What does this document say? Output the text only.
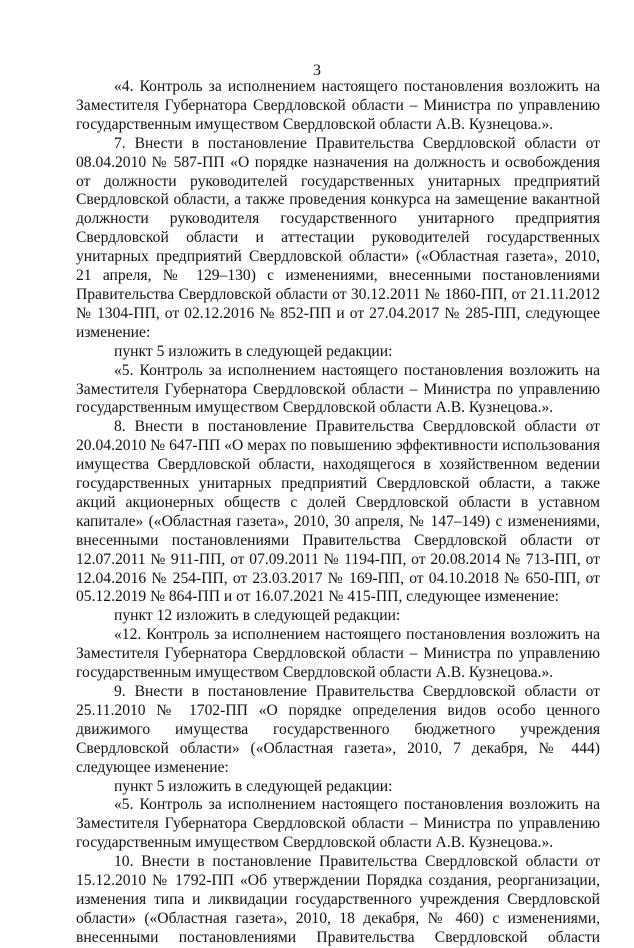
3

«4. Контроль за исполнением настоящего постановления возложить на Заместителя Губернатора Свердловской области – Министра по управлению государственным имуществом Свердловской области А.В. Кузнецова.».

7. Внести в постановление Правительства Свердловской области от 08.04.2010 № 587-ПП «О порядке назначения на должность и освобождения от должности руководителей государственных унитарных предприятий Свердловской области, а также проведения конкурса на замещение вакантной должности руководителя государственного унитарного предприятия Свердловской области и аттестации руководителей государственных унитарных предприятий Свердловской области» («Областная газета», 2010, 21 апреля, № 129–130) с изменениями, внесенными постановлениями Правительства Свердловской области от 30.12.2011 № 1860-ПП, от 21.11.2012 № 1304-ПП, от 02.12.2016 № 852-ПП и от 27.04.2017 № 285-ПП, следующее изменение:

пункт 5 изложить в следующей редакции:

«5. Контроль за исполнением настоящего постановления возложить на Заместителя Губернатора Свердловской области – Министра по управлению государственным имуществом Свердловской области А.В. Кузнецова.».

8. Внести в постановление Правительства Свердловской области от 20.04.2010 № 647-ПП «О мерах по повышению эффективности использования имущества Свердловской области, находящегося в хозяйственном ведении государственных унитарных предприятий Свердловской области, а также акций акционерных обществ с долей Свердловской области в уставном капитале» («Областная газета», 2010, 30 апреля, № 147–149) с изменениями, внесенными постановлениями Правительства Свердловской области от 12.07.2011 № 911-ПП, от 07.09.2011 № 1194-ПП, от 20.08.2014 № 713-ПП, от 12.04.2016 № 254-ПП, от 23.03.2017 № 169-ПП, от 04.10.2018 № 650-ПП, от 05.12.2019 № 864-ПП и от 16.07.2021 № 415-ПП, следующее изменение:

пункт 12 изложить в следующей редакции:

«12. Контроль за исполнением настоящего постановления возложить на Заместителя Губернатора Свердловской области – Министра по управлению государственным имуществом Свердловской области А.В. Кузнецова.».

9. Внести в постановление Правительства Свердловской области от 25.11.2010 № 1702-ПП «О порядке определения видов особо ценного движимого имущества государственного бюджетного учреждения Свердловской области» («Областная газета», 2010, 7 декабря, № 444) следующее изменение:

пункт 5 изложить в следующей редакции:

«5. Контроль за исполнением настоящего постановления возложить на Заместителя Губернатора Свердловской области – Министра по управлению государственным имуществом Свердловской области А.В. Кузнецова.».

10. Внести в постановление Правительства Свердловской области от 15.12.2010 № 1792-ПП «Об утверждении Порядка создания, реорганизации, изменения типа и ликвидации государственного учреждения Свердловской области» («Областная газета», 2010, 18 декабря, № 460) с изменениями, внесенными постановлениями Правительства Свердловской области
